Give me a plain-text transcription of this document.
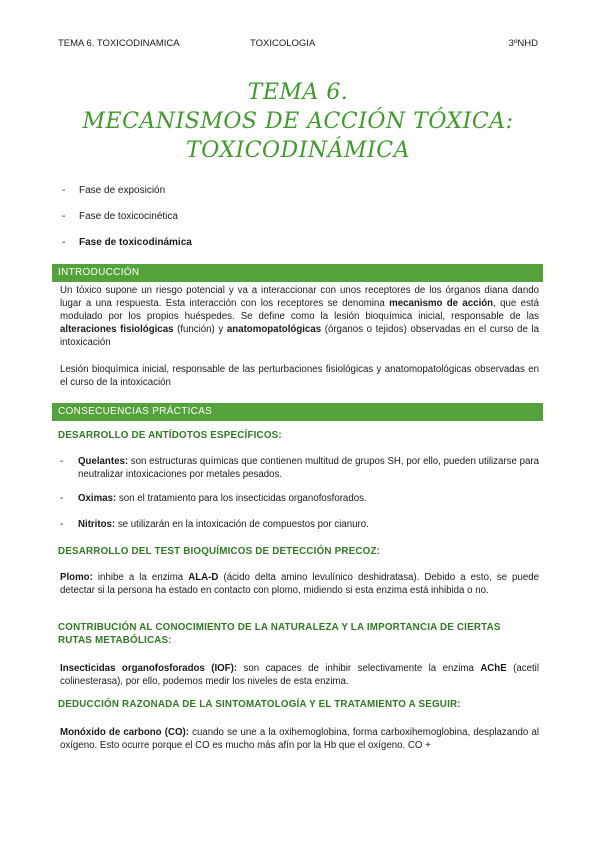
TEMA 6. TOXICODINAMICA	TOXICOLOGIA	3ºNHD
TEMA 6.
MECANISMOS DE ACCIÓN TÓXICA:
TOXICODINÁMICA
- Fase de exposición
- Fase de toxicocinética
- Fase de toxicodinámica
INTRODUCCIÓN
Un tóxico supone un riesgo potencial y va a interaccionar con unos receptores de los órganos diana dando lugar a una respuesta. Esta interacción con los receptores se denomina mecanismo de acción, que está modulado por los propios huéspedes. Se define como la lesión bioquímica inicial, responsable de las alteraciones fisiológicas (función) y anatomopatológicas (órganos o tejidos) observadas en el curso de la intoxicación
Lesión bioquímica inicial, responsable de las perturbaciones fisiológicas y anatomopatológicas observadas en el curso de la intoxicación
CONSECUENCIAS PRÁCTICAS
DESARROLLO DE ANTÍDOTOS ESPECÍFICOS:
- Quelantes: son estructuras químicas que contienen multitud de grupos SH, por ello, pueden utilizarse para neutralizar intoxicaciones por metales pesados.
- Oximas: son el tratamiento para los insecticidas organofosforados.
- Nitritos: se utilizarán en la intoxicación de compuestos por cianuro.
DESARROLLO DEL TEST BIOQUÍMICOS DE DETECCIÓN PRECOZ:
Plomo: inhibe a la enzima ALA-D (ácido delta amino levulínico deshidratasa). Debido a esto, se puede detectar si la persona ha estado en contacto con plomo, midiendo si esta enzima está inhibida o no.
CONTRIBUCIÓN AL CONOCIMIENTO DE LA NATURALEZA Y LA IMPORTANCIA DE CIERTAS
RUTAS METABÓLICAS:
Insecticidas organofosforados (IOF): son capaces de inhibir selectivamente la enzima AChE (acetil colinesterasa), por ello, podemos medir los niveles de esta enzima.
DEDUCCIÓN RAZONADA DE LA SINTOMATOLOGÍA Y EL TRATAMIENTO A SEGUIR:
Monóxido de carbono (CO): cuando se une a la oxihemoglobina, forma carboxihemoglobina, desplazando al oxígeno. Esto ocurre porque el CO es mucho más afín por la Hb que el oxígeno. CO +
